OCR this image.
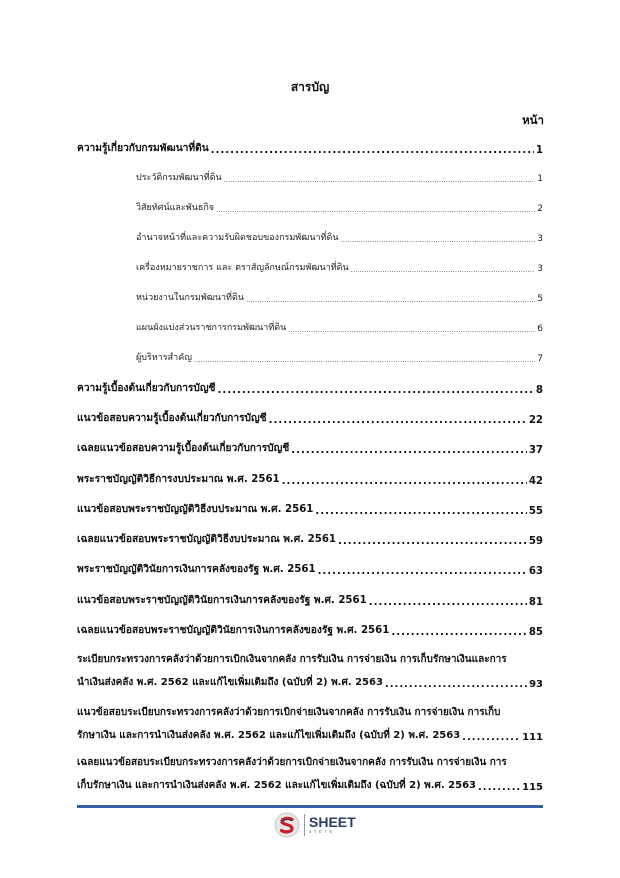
สารบัญ
หน้า
ความรู้เกี่ยวกับกรมพัฒนาที่ดิน .....	1
ประวัติกรมพัฒนาที่ดิน .....	1
วิสัยทัศน์และพันธกิจ .....	2
อำนาจหน้าที่และความรับผิดชอบของกรมพัฒนาที่ดิน .....	3
เครื่องหมายราชการ และ ตราสัญลักษณ์กรมพัฒนาที่ดิน .....	3
หน่วยงานในกรมพัฒนาที่ดิน .....	5
แผนผังแบ่งส่วนราชการกรมพัฒนาที่ดิน .....	6
ผู้บริหารสำคัญ .....	7
ความรู้เบื้องต้นเกี่ยวกับการบัญชี .....	8
แนวข้อสอบความรู้เบื้องต้นเกี่ยวกับการบัญชี .....	22
เฉลยแนวข้อสอบความรู้เบื้องต้นเกี่ยวกับการบัญชี .....	37
พระราชบัญญัติวิธีการงบประมาณ พ.ศ. 2561 .....	42
แนวข้อสอบพระราชบัญญัติวิธีงบประมาณ พ.ศ. 2561 .....	55
เฉลยแนวข้อสอบพระราชบัญญัติวิธีงบประมาณ พ.ศ. 2561 .....	59
พระราชบัญญัติวินัยการเงินการคลังของรัฐ พ.ศ. 2561 .....	63
แนวข้อสอบพระราชบัญญัติวินัยการเงินการคลังของรัฐ พ.ศ. 2561 .....	81
เฉลยแนวข้อสอบพระราชบัญญัติวินัยการเงินการคลังของรัฐ พ.ศ. 2561 .....	85
ระเบียบกระทรวงการคลังว่าด้วยการเบิกเงินจากคลัง การรับเงิน การจ่ายเงิน การเก็บรักษาเงินและการ
นำเงินส่งคลัง พ.ศ. 2562 และแก้ไขเพิ่มเติมถึง (ฉบับที่ 2) พ.ศ. 2563 .....	93
แนวข้อสอบระเบียบกระทรวงการคลังว่าด้วยการเบิกจ่ายเงินจากคลัง การรับเงิน การจ่ายเงิน การเก็บ
รักษาเงิน และการนำเงินส่งคลัง พ.ศ. 2562 และแก้ไขเพิ่มเติมถึง (ฉบับที่ 2) พ.ศ. 2563 .....	111
เฉลยแนวข้อสอบระเบียบกระทรวงการคลังว่าด้วยการเบิกจ่ายเงินจากคลัง การรับเงิน การจ่ายเงิน การ
เก็บรักษาเงิน และการนำเงินส่งคลัง พ.ศ. 2562 และแก้ไขเพิ่มเติมถึง (ฉบับที่ 2) พ.ศ. 2563 .....	115
SHEET
store
